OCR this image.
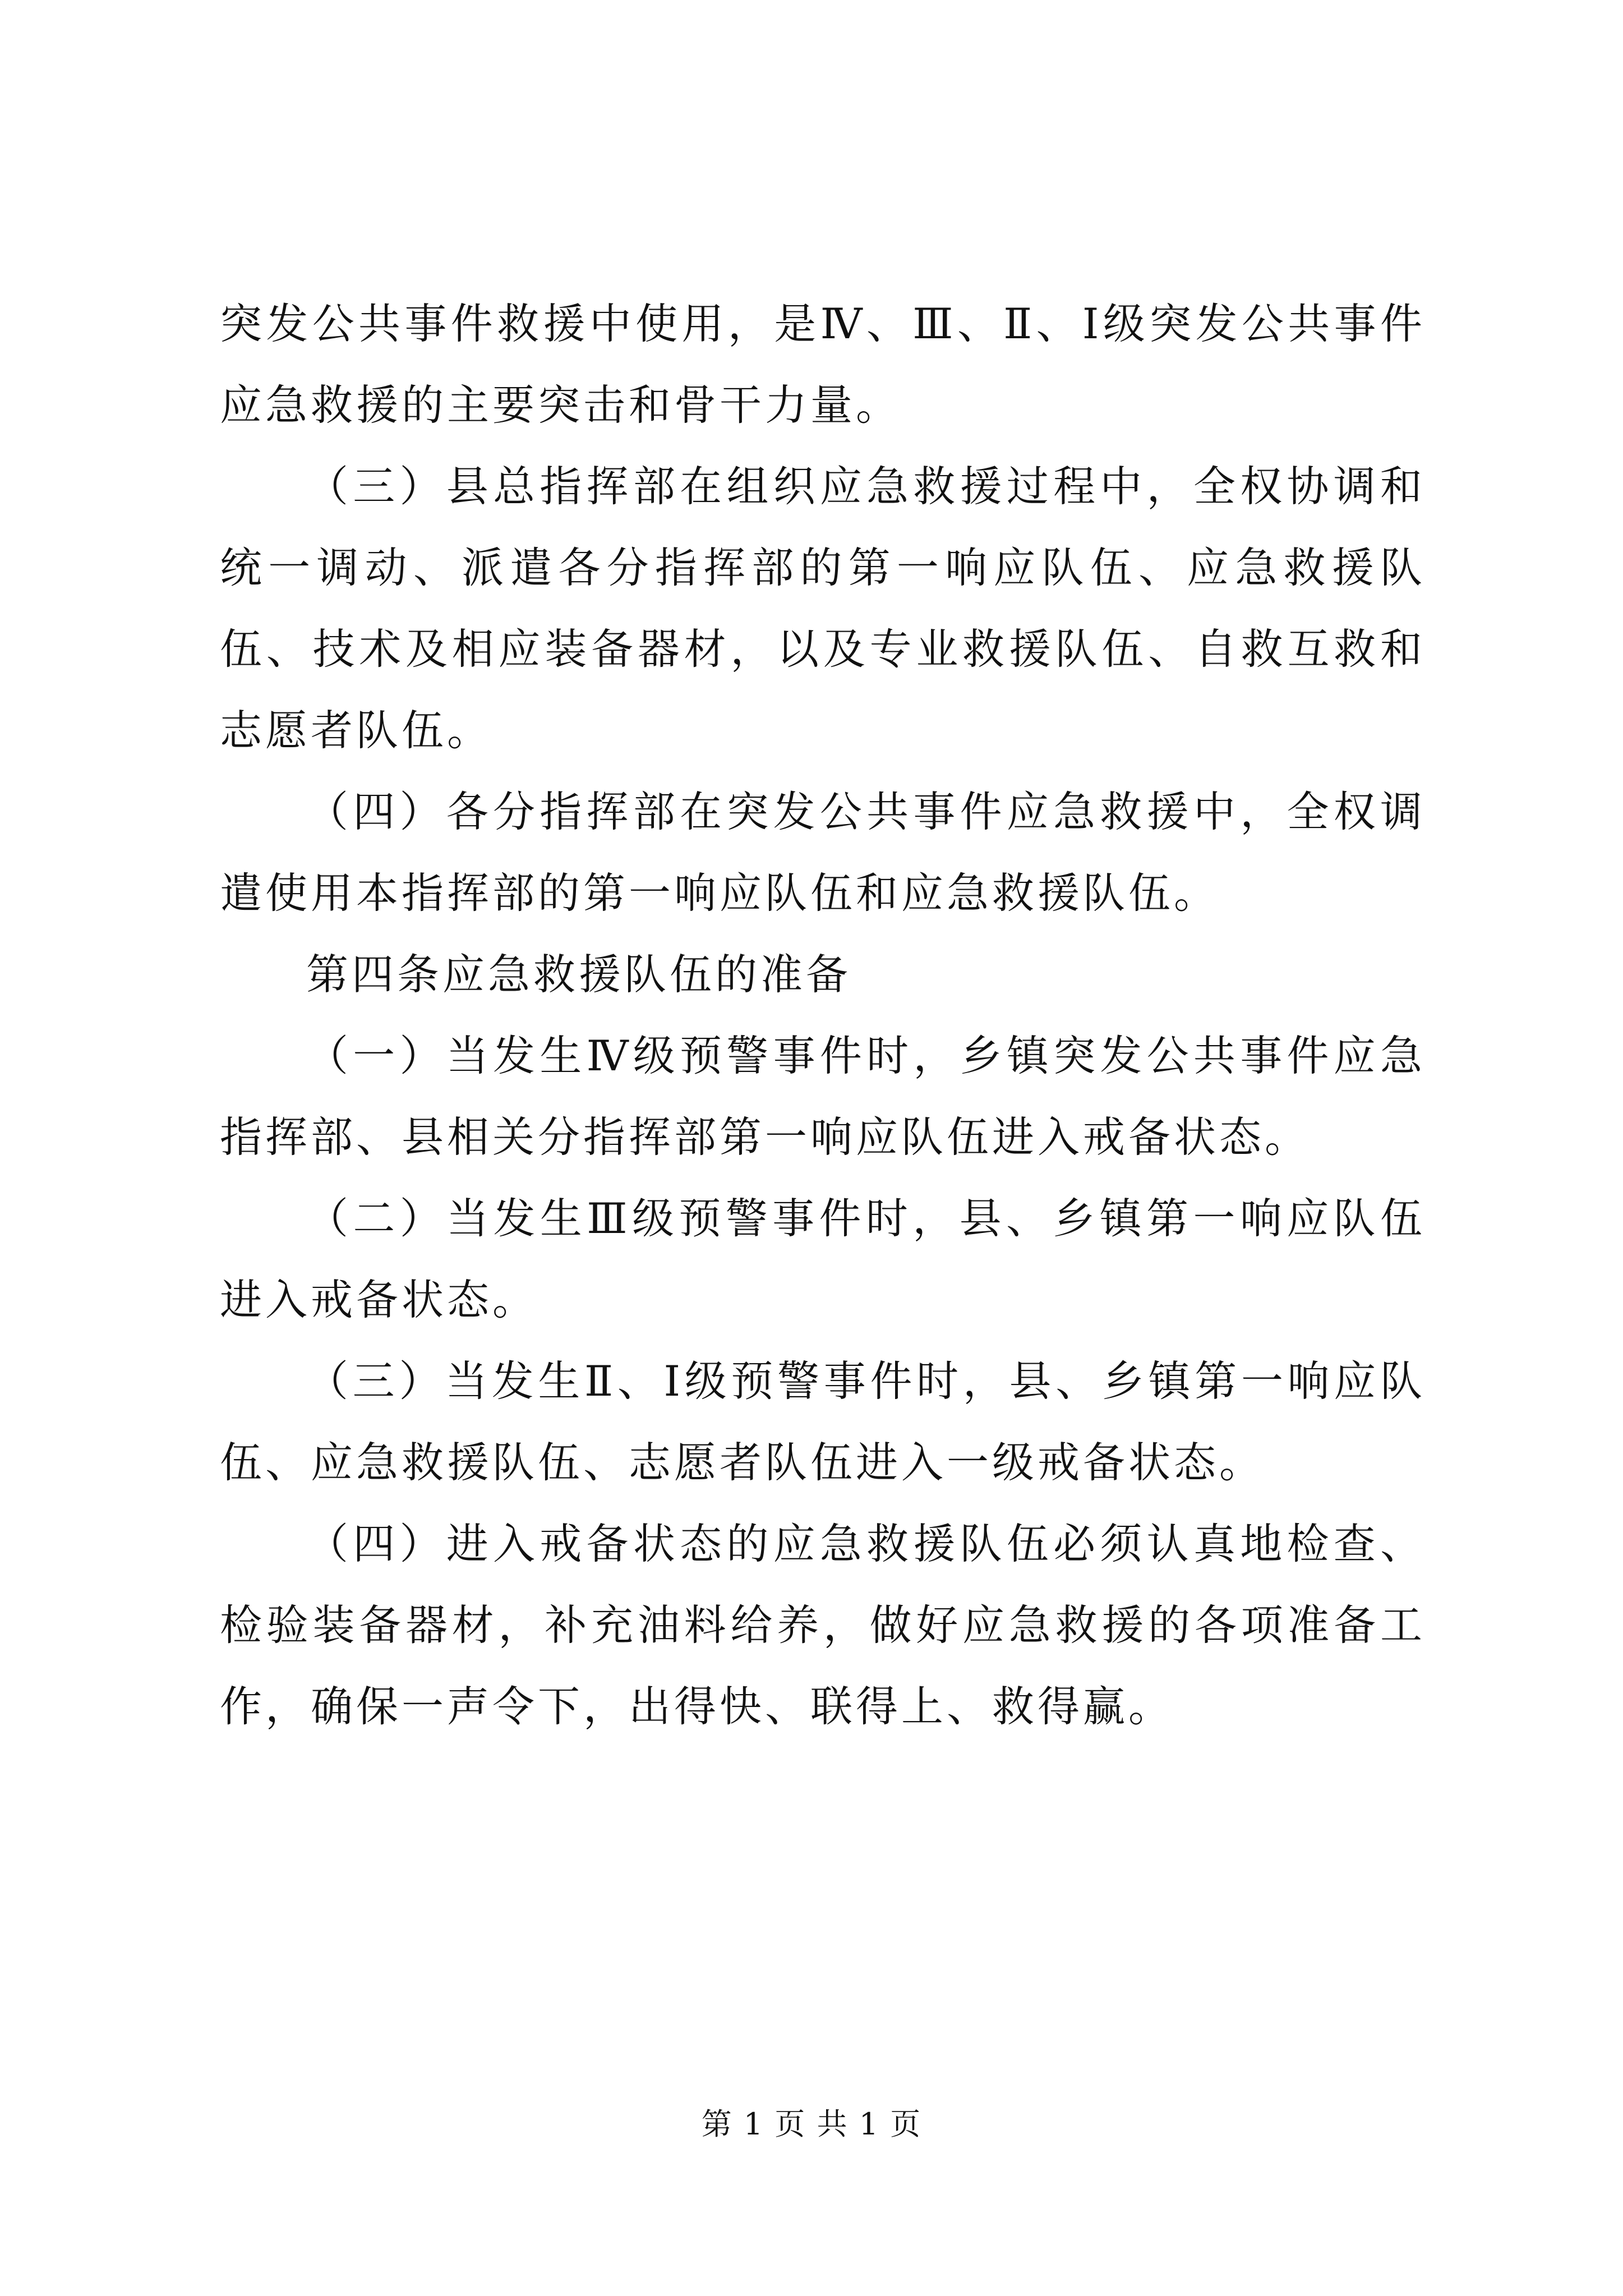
突发公共事件救援中使用，是Ⅳ、Ⅲ、Ⅱ、Ⅰ级突发公共事件应急救援的主要突击和骨干力量。

（三）县总指挥部在组织应急救援过程中，全权协调和统一调动、派遣各分指挥部的第一响应队伍、应急救援队伍、技术及相应装备器材，以及专业救援队伍、自救互救和志愿者队伍。

（四）各分指挥部在突发公共事件应急救援中，全权调遣使用本指挥部的第一响应队伍和应急救援队伍。

第四条应急救援队伍的准备

（一）当发生Ⅳ级预警事件时，乡镇突发公共事件应急指挥部、县相关分指挥部第一响应队伍进入戒备状态。

（二）当发生Ⅲ级预警事件时，县、乡镇第一响应队伍进入戒备状态。

（三）当发生Ⅱ、Ⅰ级预警事件时，县、乡镇第一响应队伍、应急救援队伍、志愿者队伍进入一级戒备状态。

（四）进入戒备状态的应急救援队伍必须认真地检查、检验装备器材，补充油料给养，做好应急救援的各项准备工作，确保一声令下，出得快、联得上、救得赢。

第 1 页 共 1 页
